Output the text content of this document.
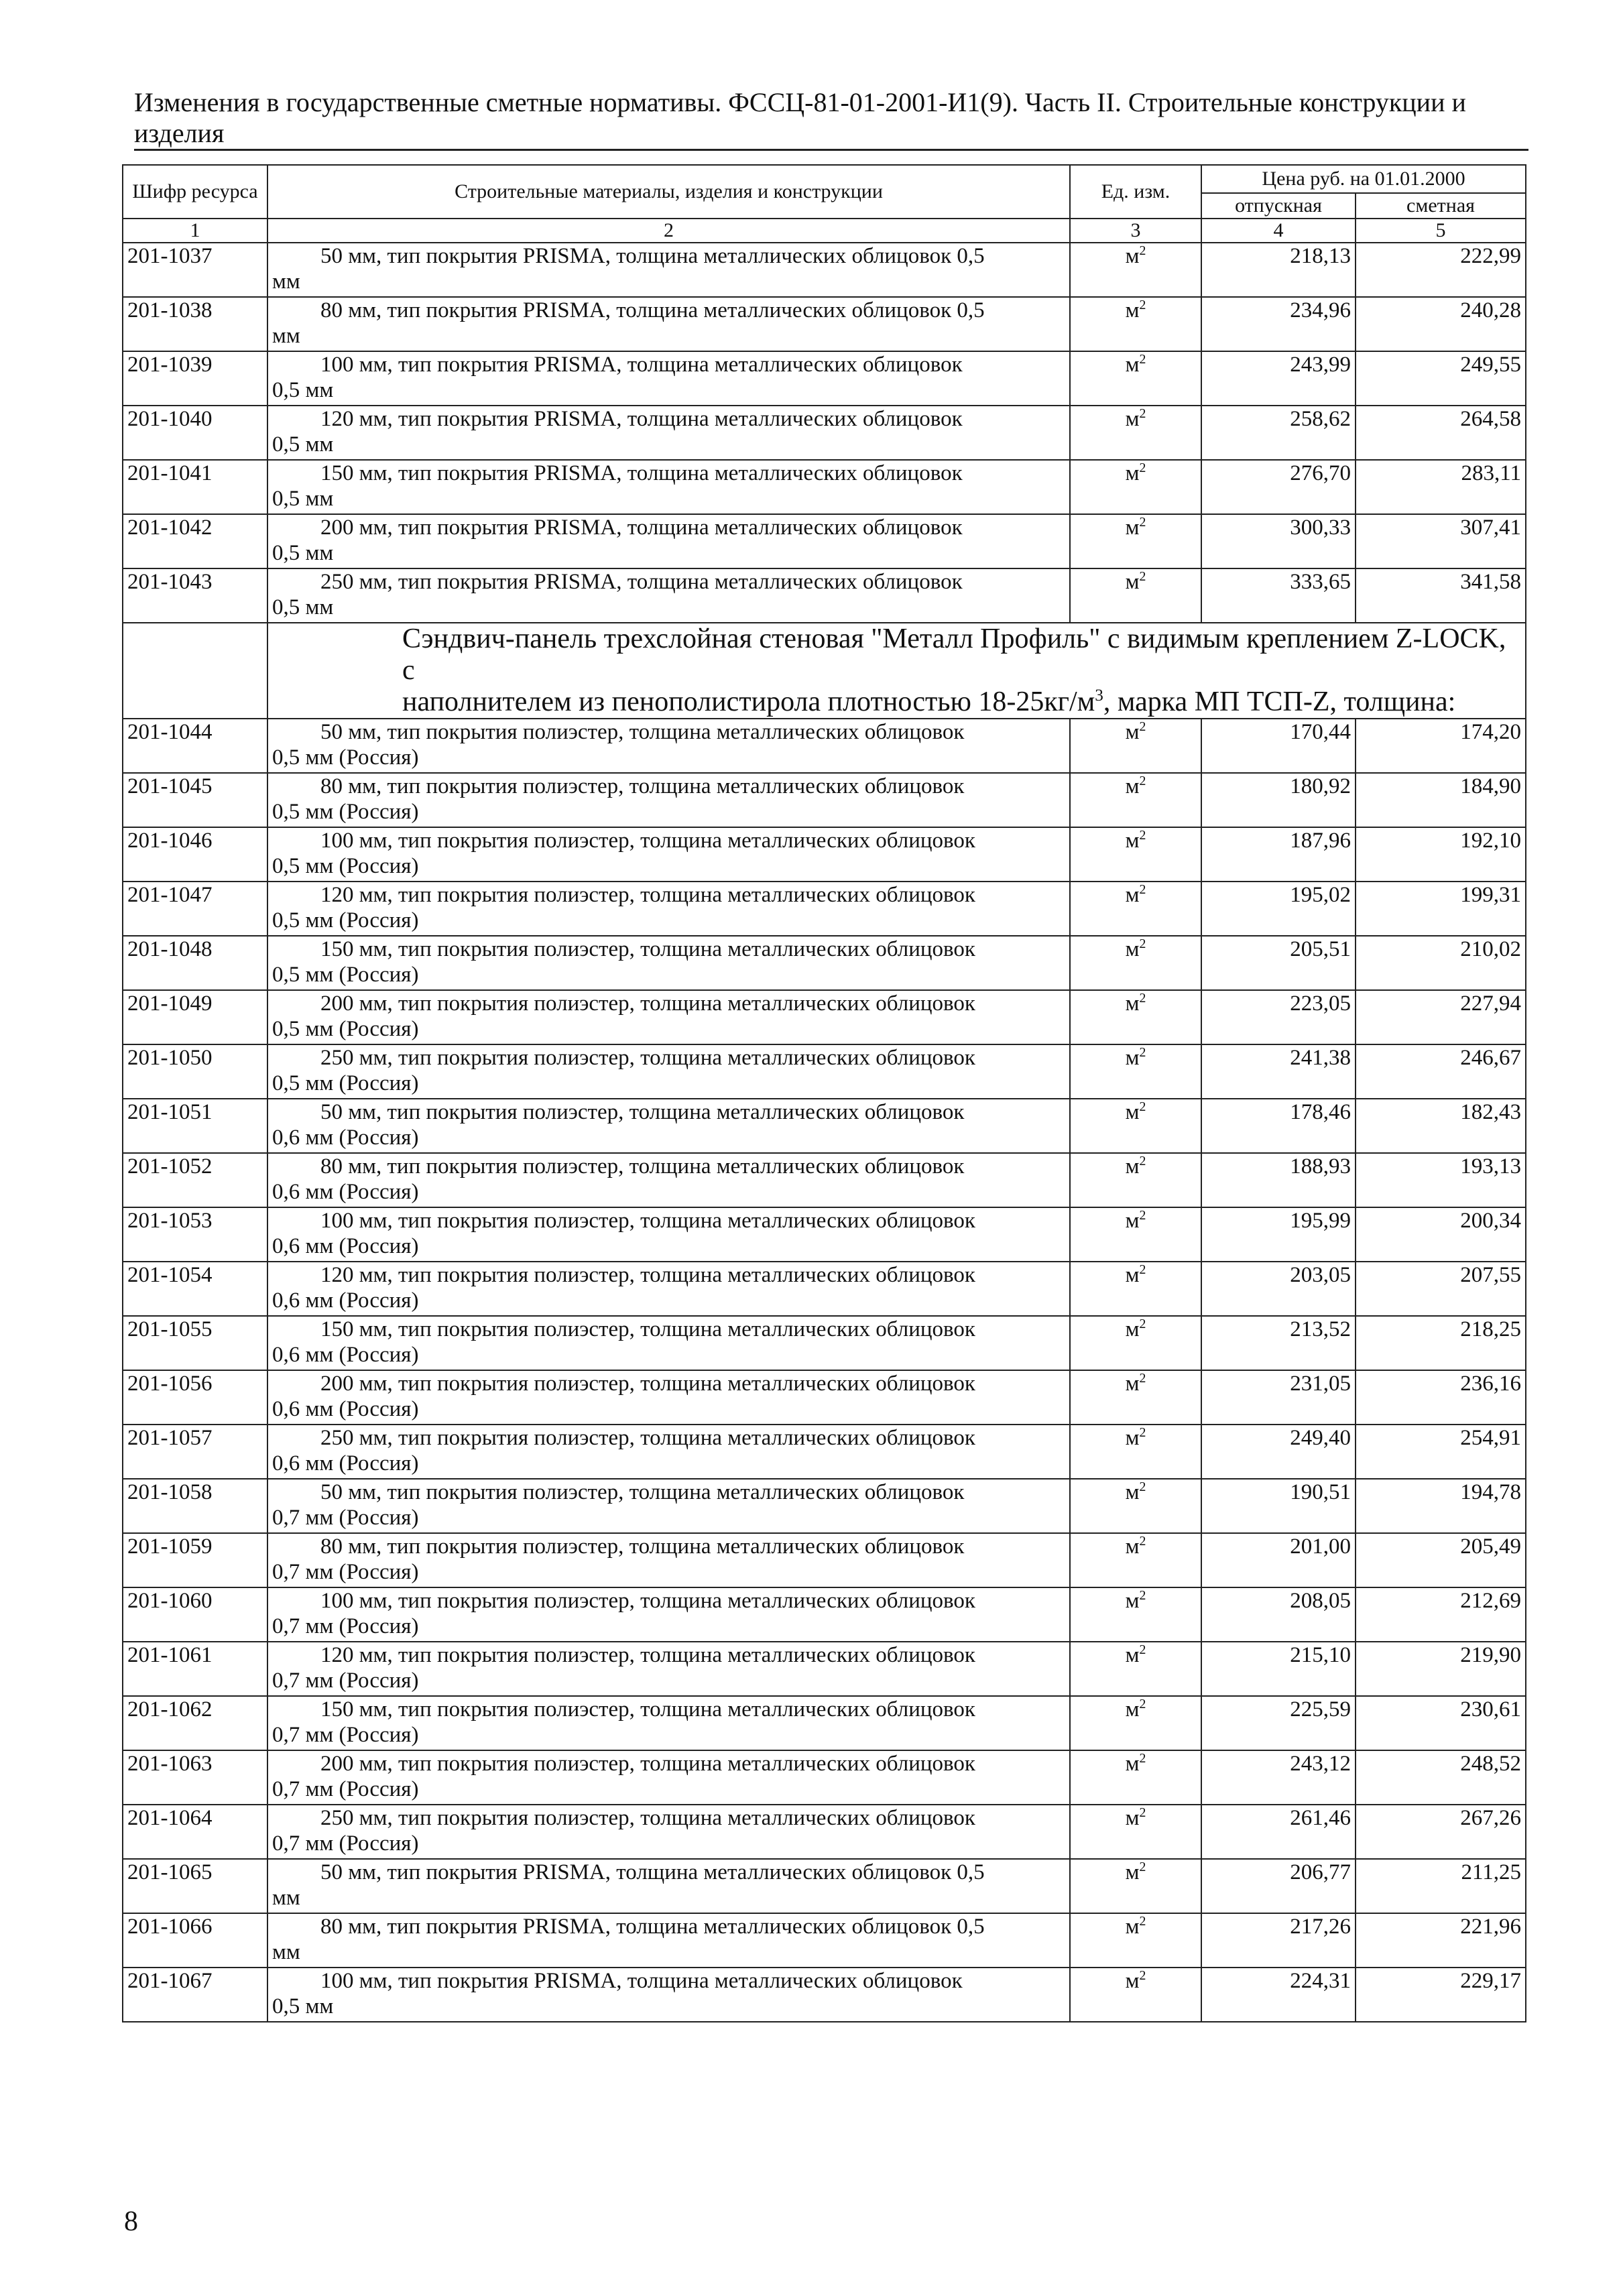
Изменения в государственные сметные нормативы. ФССЦ-81-01-2001-И1(9). Часть II. Строительные конструкции и изделия
Шифр ресурса	Строительные материалы, изделия и конструкции	Ед. изм.	Цена руб. на 01.01.2000	
			отпускная	сметная
1	2	3	4	5
201-1037	50 мм, тип покрытия PRISMA, толщина металлических облицовок 0,5
мм	$м^2$	218,13	222,99
201-1038	80 мм, тип покрытия PRISMA, толщина металлических облицовок 0,5
мм	$м^2$	234,96	240,28
201-1039	100 мм, тип покрытия PRISMA, толщина металлических облицовок
0,5 мм	$м^2$	243,99	249,55
201-1040	120 мм, тип покрытия PRISMA, толщина металлических облицовок
0,5 мм	$м^2$	258,62	264,58
201-1041	150 мм, тип покрытия PRISMA, толщина металлических облицовок
0,5 мм	$м^2$	276,70	283,11
201-1042	200 мм, тип покрытия PRISMA, толщина металлических облицовок
0,5 мм	$м^2$	300,33	307,41
201-1043	250 мм, тип покрытия PRISMA, толщина металлических облицовок
0,5 мм	$м^2$	333,65	341,58
	Сэндвич-панель трехслойная стеновая "Металл Профиль" с видимым креплением Z-LOCK, с
наполнителем из пенополистирола плотностью $18-25кг/м^3$, марка МП ТСП-Z, толщина:			
201-1044	50 мм, тип покрытия полиэстер, толщина металлических облицовок
0,5 мм (Россия)	$м^2$	170,44	174,20
201-1045	80 мм, тип покрытия полиэстер, толщина металлических облицовок
0,5 мм (Россия)	$м^2$	180,92	184,90
201-1046	100 мм, тип покрытия полиэстер, толщина металлических облицовок
0,5 мм (Россия)	$м^2$	187,96	192,10
201-1047	120 мм, тип покрытия полиэстер, толщина металлических облицовок
0,5 мм (Россия)	$м^2$	195,02	199,31
201-1048	150 мм, тип покрытия полиэстер, толщина металлических облицовок
0,5 мм (Россия)	$м^2$	205,51	210,02
201-1049	200 мм, тип покрытия полиэстер, толщина металлических облицовок
0,5 мм (Россия)	$м^2$	223,05	227,94
201-1050	250 мм, тип покрытия полиэстер, толщина металлических облицовок
0,5 мм (Россия)	$м^2$	241,38	246,67
201-1051	50 мм, тип покрытия полиэстер, толщина металлических облицовок
0,6 мм (Россия)	$м^2$	178,46	182,43
201-1052	80 мм, тип покрытия полиэстер, толщина металлических облицовок
0,6 мм (Россия)	$м^2$	188,93	193,13
201-1053	100 мм, тип покрытия полиэстер, толщина металлических облицовок
0,6 мм (Россия)	$м^2$	195,99	200,34
201-1054	120 мм, тип покрытия полиэстер, толщина металлических облицовок
0,6 мм (Россия)	$м^2$	203,05	207,55
201-1055	150 мм, тип покрытия полиэстер, толщина металлических облицовок
0,6 мм (Россия)	$м^2$	213,52	218,25
201-1056	200 мм, тип покрытия полиэстер, толщина металлических облицовок
0,6 мм (Россия)	$м^2$	231,05	236,16
201-1057	250 мм, тип покрытия полиэстер, толщина металлических облицовок
0,6 мм (Россия)	$м^2$	249,40	254,91
201-1058	50 мм, тип покрытия полиэстер, толщина металлических облицовок
0,7 мм (Россия)	$м^2$	190,51	194,78
201-1059	80 мм, тип покрытия полиэстер, толщина металлических облицовок
0,7 мм (Россия)	$м^2$	201,00	205,49
201-1060	100 мм, тип покрытия полиэстер, толщина металлических облицовок
0,7 мм (Россия)	$м^2$	208,05	212,69
201-1061	120 мм, тип покрытия полиэстер, толщина металлических облицовок
0,7 мм (Россия)	$м^2$	215,10	219,90
201-1062	150 мм, тип покрытия полиэстер, толщина металлических облицовок
0,7 мм (Россия)	$м^2$	225,59	230,61
201-1063	200 мм, тип покрытия полиэстер, толщина металлических облицовок
0,7 мм (Россия)	$м^2$	243,12	248,52
201-1064	250 мм, тип покрытия полиэстер, толщина металлических облицовок
0,7 мм (Россия)	$м^2$	261,46	267,26
201-1065	50 мм, тип покрытия PRISMA, толщина металлических облицовок 0,5
мм	$м^2$	206,77	211,25
201-1066	80 мм, тип покрытия PRISMA, толщина металлических облицовок 0,5
мм	$м^2$	217,26	221,96
201-1067	100 мм, тип покрытия PRISMA, толщина металлических облицовок
0,5 мм	$м^2$	224,31	229,17
8
